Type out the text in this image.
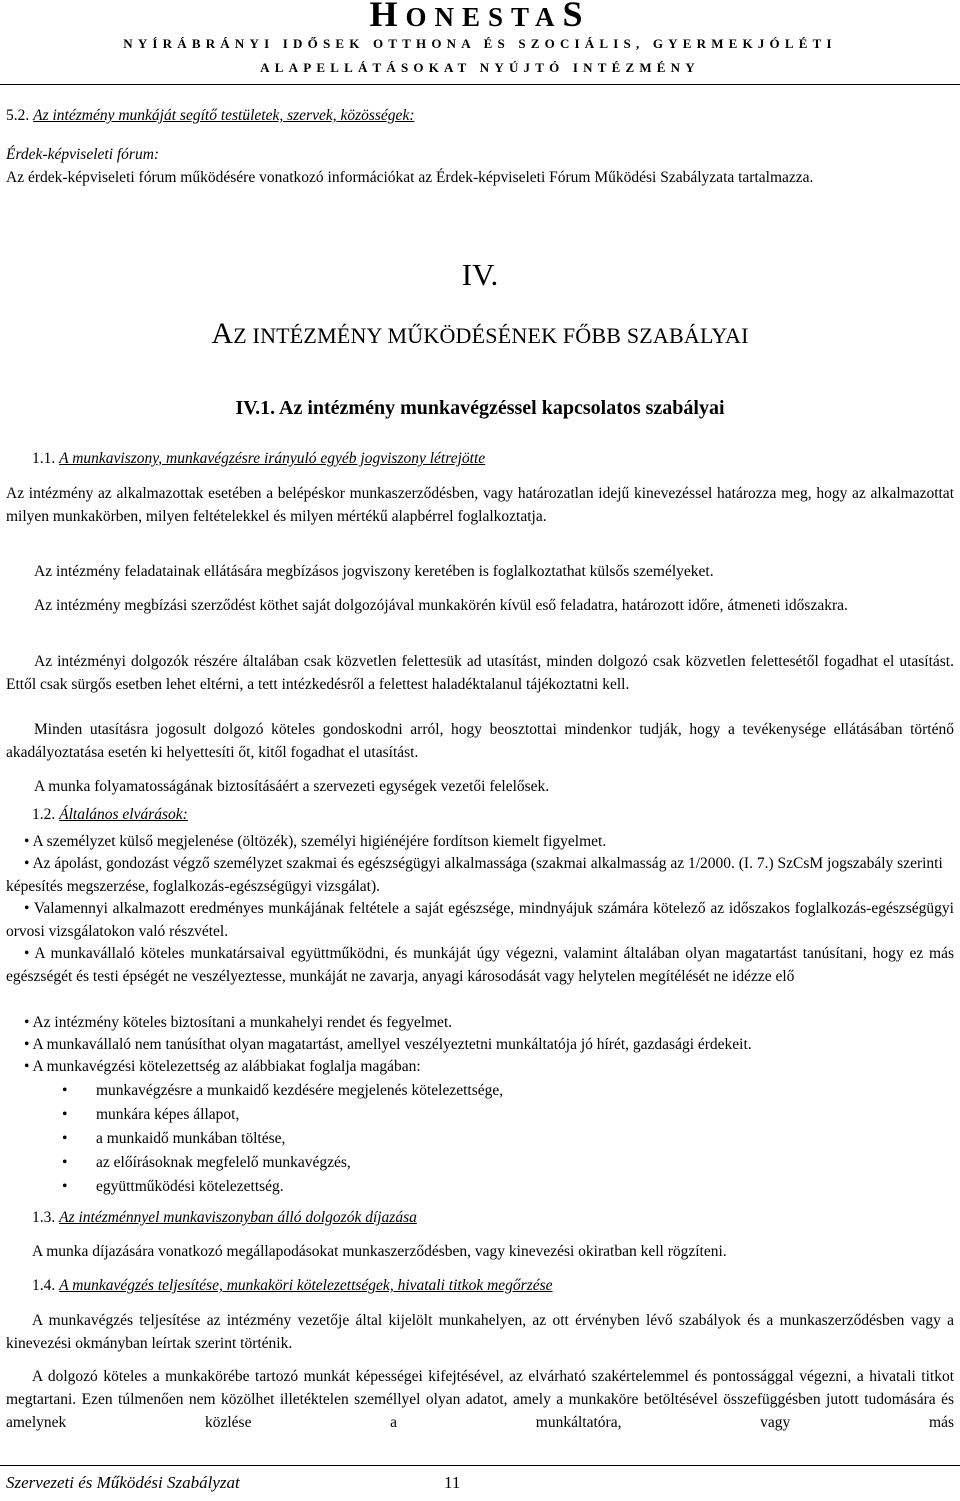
HONESTAS
NYÍRÁBRÁNYI IDŐSEK OTTHONA ÉS SZOCIÁLIS, GYERMEKJÓLÉTI
ALAPELLÁTÁSOKAT NYÚJTÓ INTÉZMÉNY
5.2. Az intézmény munkáját segítő testületek, szervek, közösségek:
Érdek-képviseleti fórum:
Az érdek-képviseleti fórum működésére vonatkozó információkat az Érdek-képviseleti Fórum Működési Szabályzata tartalmazza.
IV.
AZ INTÉZMÉNY MŰKÖDÉSÉNEK FŐBB SZABÁLYAI
IV.1. Az intézmény munkavégzéssel kapcsolatos szabályai
1.1. A munkaviszony, munkavégzésre irányuló egyéb jogviszony létrejötte
Az intézmény az alkalmazottak esetében a belépéskor munkaszerződésben, vagy határozatlan idejű kinevezéssel határozza meg, hogy az alkalmazottat milyen munkakörben, milyen feltételekkel és milyen mértékű alapbérrel foglalkoztatja.
Az intézmény feladatainak ellátására megbízásos jogviszony keretében is foglalkoztathat külsős személyeket.
Az intézmény megbízási szerződést köthet saját dolgozójával munkakörén kívül eső feladatra, határozott időre, átmeneti időszakra.
Az intézményi dolgozók részére általában csak közvetlen felettesük ad utasítást, minden dolgozó csak közvetlen felettesétől fogadhat el utasítást. Ettől csak sürgős esetben lehet eltérni, a tett intézkedésről a felettest haladéktalanul tájékoztatni kell.
Minden utasításra jogosult dolgozó köteles gondoskodni arról, hogy beosztottai mindenkor tudják, hogy a tevékenysége ellátásában történő akadályoztatása esetén ki helyettesíti őt, kitől fogadhat el utasítást.
A munka folyamatosságának biztosításáért a szervezeti egységek vezetői felelősek.
1.2. Általános elvárások:
• A személyzet külső megjelenése (öltözék), személyi higiénéjére fordítson kiemelt figyelmet.
• Az ápolást, gondozást végző személyzet szakmai és egészségügyi alkalmassága (szakmai alkalmasság az 1/2000. (I. 7.) SzCsM jogszabály szerinti képesítés megszerzése, foglalkozás-egészségügyi vizsgálat).
• Valamennyi alkalmazott eredményes munkájának feltétele a saját egészsége, mindnyájuk számára kötelező az időszakos foglalkozás-egészségügyi orvosi vizsgálatokon való részvétel.
• A munkavállaló köteles munkatársaival együttműködni, és munkáját úgy végezni, valamint általában olyan magatartást tanúsítani, hogy ez más egészségét és testi épségét ne veszélyeztesse, munkáját ne zavarja, anyagi károsodását vagy helytelen megítélését ne idézze elő
• Az intézmény köteles biztosítani a munkahelyi rendet és fegyelmet.
• A munkavállaló nem tanúsíthat olyan magatartást, amellyel veszélyeztetni munkáltatója jó hírét, gazdasági érdekeit.
• A munkavégzési kötelezettség az alábbiakat foglalja magában:
• munkavégzésre a munkaidő kezdésére megjelenés kötelezettsége,
• munkára képes állapot,
• a munkaidő munkában töltése,
• az előírásoknak megfelelő munkavégzés,
• együttműködési kötelezettség.
1.3. Az intézménnyel munkaviszonyban álló dolgozók díjazása
A munka díjazására vonatkozó megállapodásokat munkaszerződésben, vagy kinevezési okiratban kell rögzíteni.
1.4. A munkavégzés teljesítése, munkaköri kötelezettségek, hivatali titkok megőrzése
A munkavégzés teljesítése az intézmény vezetője által kijelölt munkahelyen, az ott érvényben lévő szabályok és a munkaszerződésben vagy a kinevezési okmányban leírtak szerint történik.
A dolgozó köteles a munkakörébe tartozó munkát képességei kifejtésével, az elvárható szakértelemmel és pontossággal végezni, a hivatali titkot megtartani. Ezen túlmenően nem közölhet illetéktelen személlyel olyan adatot, amely a munkaköre betöltésével összefüggésben jutott tudomására és amelynek közlése a munkáltatóra, vagy más
Szervezeti és Működési Szabályzat	11
